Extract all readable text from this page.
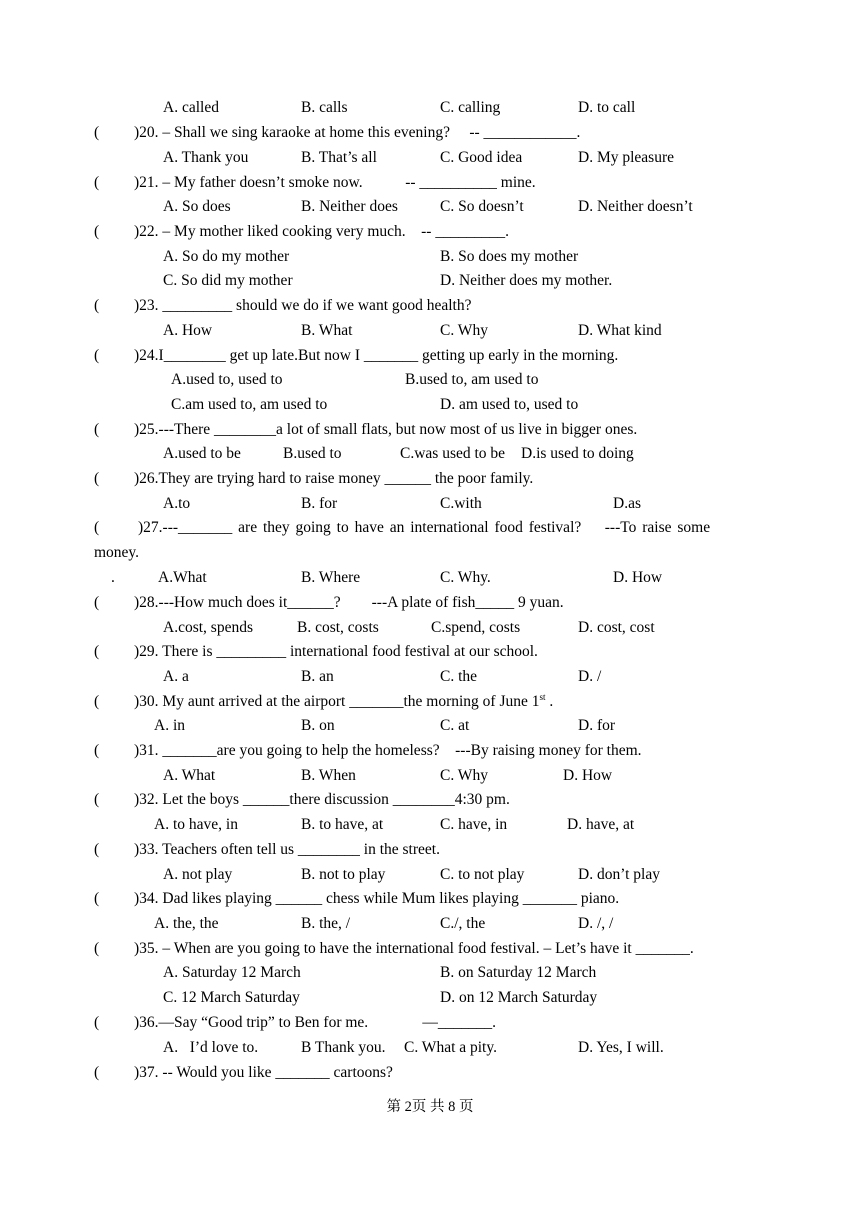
A. called	B. calls	C. calling	D. to call
( )20. – Shall we sing karaoke at home this evening?     -- ____________.
A. Thank you	B. That’s all	C. Good idea	D. My pleasure
( )21. – My father doesn’t smoke now.           -- __________ mine.
A. So does	B. Neither does	C. So doesn’t	D. Neither doesn’t
( )22. – My mother liked cooking very much.    -- _________.
A. So do my mother	B. So does my mother
C. So did my mother	D. Neither does my mother.
( )23. _________ should we do if we want good health?
A. How	B. What	C. Why	D. What kind
( )24.I________ get up late.But now I _______ getting up early in the morning.
A.used to, used to	B.used to, am used to
C.am used to, am used to	D. am used to, used to
( )25.---There ________a lot of small flats, but now most of us live in bigger ones.
A.used to be	B.used to	C.was used to be D.is used to doing
( )26.They are trying hard to raise money ______ the poor family.
A.to	B. for	C.with	D.as
(	)27.---_______ are they going to have an international food festival?    ---To raise some
money.
.	A.What	B. Where	C. Why.	D. How
( )28.---How much does it______?        ---A plate of fish_____ 9 yuan.
A.cost, spends	B. cost, costs	C.spend, costs	D. cost, cost
( )29. There is _________ international food festival at our school.
A. a	B. an	C. the	D. /
( )30. My aunt arrived at the airport _______the morning of June 1st .
A. in	B. on	C. at	D. for
( )31. _______are you going to help the homeless?    ---By raising money for them.
A. What	B. When	C. Why	D. How
( )32. Let the boys ______there discussion ________4:30 pm.
A. to have, in	B. to have, at	C. have, in	D. have, at
( )33. Teachers often tell us ________ in the street.
A. not play	B. not to play	C. to not play	D. don’t play
( )34. Dad likes playing ______ chess while Mum likes playing _______ piano.
A. the, the	B. the, /	C./, the	D. /, /
( )35. – When are you going to have the international food festival. – Let’s have it _______.
A. Saturday 12 March	B. on Saturday 12 March
C. 12 March Saturday	D. on 12 March Saturday
( )36.—Say “Good trip” to Ben for me.              —_______.
A.   I’d love to.	B Thank you. C. What a pity.	D. Yes, I will.
( )37. -- Would you like _______ cartoons?
第 2页 共 8 页
